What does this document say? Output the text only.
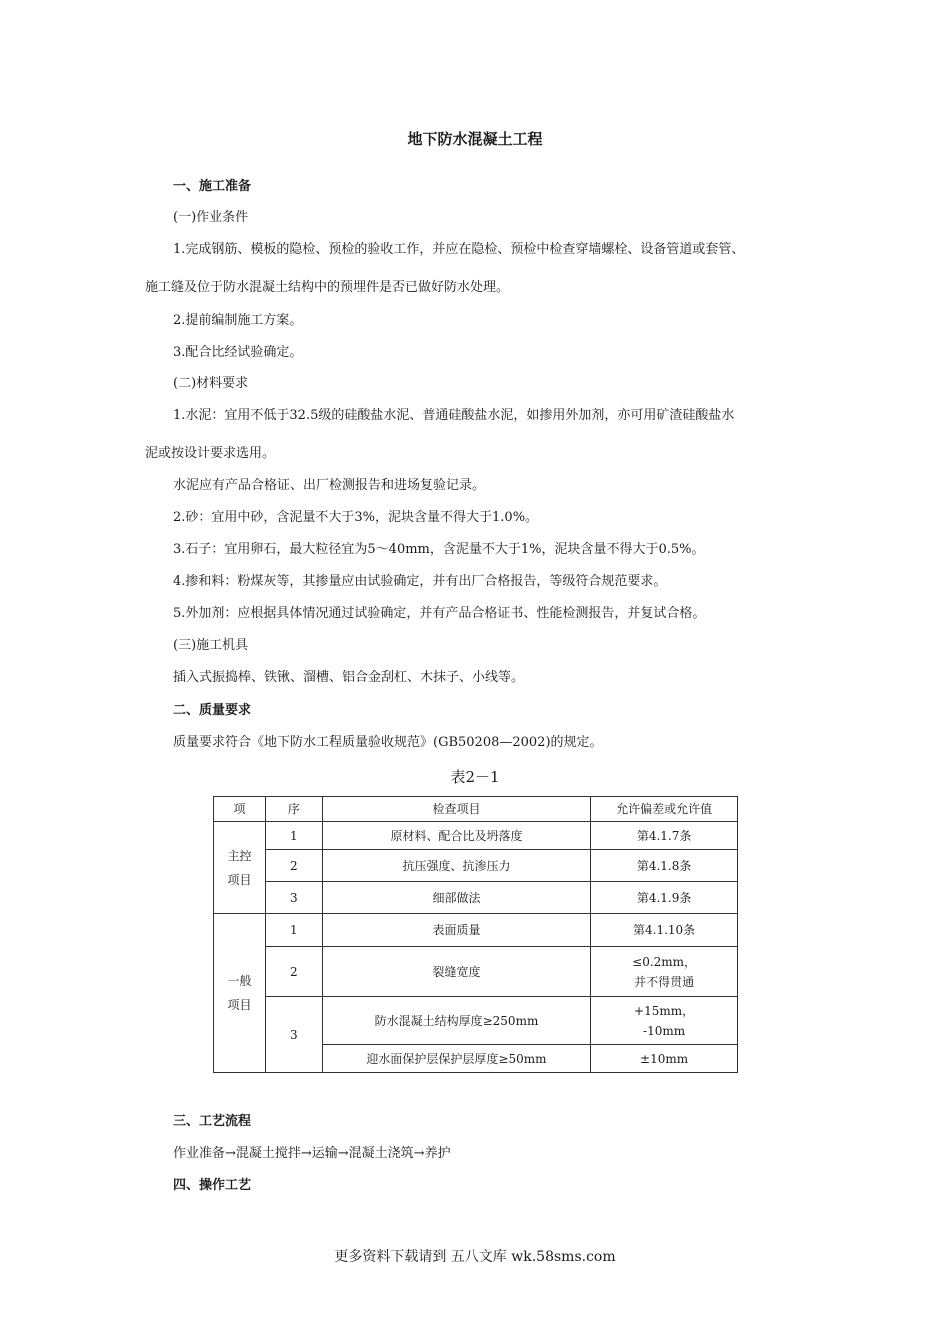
地下防水混凝土工程
一、施工准备
(一)作业条件
1.完成钢筋、模板的隐检、预检的验收工作，并应在隐检、预检中检查穿墙螺栓、设备管道或套管、
施工缝及位于防水混凝土结构中的预埋件是否已做好防水处理。
2.提前编制施工方案。
3.配合比经试验确定。
(二)材料要求
1.水泥：宜用不低于32.5级的硅酸盐水泥、普通硅酸盐水泥，如掺用外加剂，亦可用矿渣硅酸盐水
泥或按设计要求选用。
水泥应有产品合格证、出厂检测报告和进场复验记录。
2.砂：宜用中砂，含泥量不大于3%，泥块含量不得大于1.0%。
3.石子：宜用卵石，最大粒径宜为5～40mm，含泥量不大于1%，泥块含量不得大于0.5%。
4.掺和料：粉煤灰等，其掺量应由试验确定，并有出厂合格报告，等级符合规范要求。
5.外加剂：应根据具体情况通过试验确定，并有产品合格证书、性能检测报告，并复试合格。
(三)施工机具
插入式振捣棒、铁锹、溜槽、铝合金刮杠、木抹子、小线等。
二、质量要求
质量要求符合《地下防水工程质量验收规范》(GB50208—2002)的规定。
表2－1
项	序	检查项目	允许偏差或允许值
主控
项目	1	原材料、配合比及坍落度	第4.1.7条
	2	抗压强度、抗渗压力	第4.1.8条
	3	细部做法	第4.1.9条
一般
项目	1	表面质量	第4.1.10条
	2	裂缝宽度	≤0.2mm，
并不得贯通

	3	防水混凝土结构厚度≥250mm	+15mm，
-10mm

		迎水面保护层保护层厚度≥50mm	±10mm
三、工艺流程
作业准备→混凝土搅拌→运输→混凝土浇筑→养护
四、操作工艺
更多资料下载请到 五八文库 wk.58sms.com
